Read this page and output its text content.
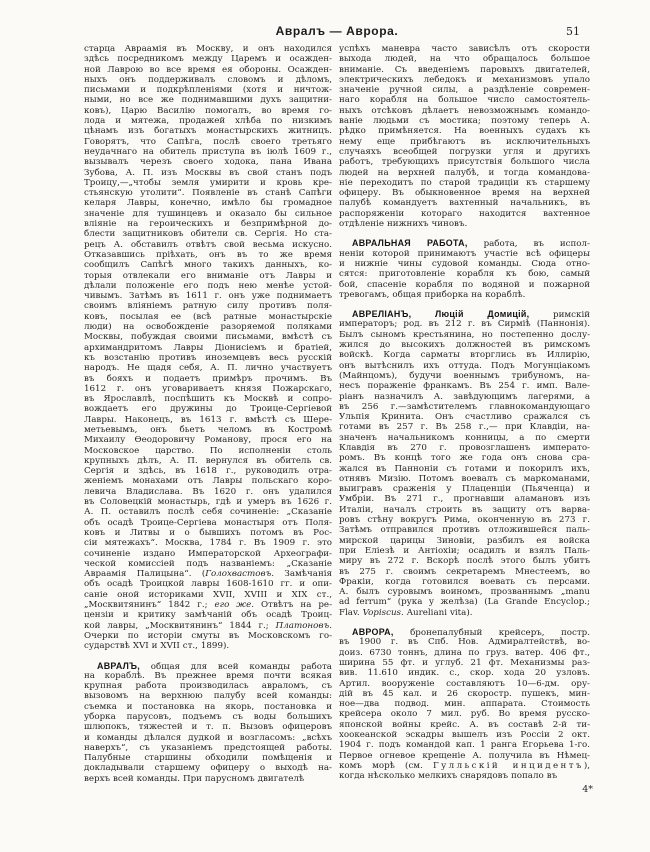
Авралъ — Аврора.	51

старца Авраамія въ Москву, и онъ находился
здѣсь посредникомъ между Царемъ и осажден-
ной Лаврою во все время ея обороны. Осажден-
ныхъ онъ поддерживалъ словомъ и дѣломъ,
письмами и подкрѣпленіями (хотя и ничтож-
ными, но все же поднимавшими духъ защитни-
ковъ), Царю Василію помогалъ, во время го-
лода и мятежа, продажей хлѣба по низкимъ
цѣнамъ изъ богатыхъ монастырскихъ житницъ.
Говорятъ, что Сапѣга, послѣ своего третьяго
неудачнаго на обитель приступа въ іюлѣ 1609 г.,
вызывалъ черезъ своего ходока, пана Ивана
Зубова, А. П. изъ Москвы въ свой станъ подъ
Троицу,—„чтобы земля умирити и кровь кре-
стьянскую утолити“. Появленіе въ станѣ Сапѣги
келаря Лавры, конечно, имѣло бы громадное
значеніе для тушинцевъ и оказало бы сильное
вліяніе на героическихъ и безпримѣрной до-
блести защитниковъ обители св. Сергія. Но ста-
рецъ А. обставилъ отвѣтъ свой весьма искусно.
Отказавшись пріѣхать, онъ въ то же время
сообщилъ Сапѣгѣ много такихъ данныхъ, ко-
торыя отвлекали его вниманіе отъ Лавры и
дѣлали положеніе его подъ нею менѣе устой-
чивымъ. Затѣмъ въ 1611 г. онъ уже поднимаетъ
своимъ вліяніемъ ратную силу противъ поля-
ковъ, посылая ее (всѣ ратные монастырскіе
люди) на освобожденіе разоряемой поляками
Москвы, побуждая своими письмами, вмѣстѣ съ
архимандритомъ Лавры Діонисіемъ и братіей,
къ возстанію противъ иноземцевъ весь русскій
народъ. Не щадя себя, А. П. лично участвуетъ
въ бояхъ и подаетъ примѣръ прочимъ. Въ
1612 г. онъ уговариваетъ князя Пожарскаго,
въ Ярославлѣ, поспѣшить къ Москвѣ и сопро-
вождаетъ его дружины до Троице-Сергіевой
Лавры. Наконецъ, въ 1613 г. вмѣстѣ съ Шере-
метьевымъ, онъ бьетъ челомъ въ Костромѣ
Михаилу Ѳеодоровичу Романову, прося его на
Московское царство. По исполненіи столь
крупныхъ дѣлъ, А. П. вернулся въ обитель св.
Сергія и здѣсь, въ 1618 г., руководилъ отра-
женіемъ монахами отъ Лавры польскаго коро-
левича Владислава. Въ 1620 г. онъ удалился
въ Соловецкій монастырь, гдѣ и умеръ въ 1626 г.
А. П. оставилъ послѣ себя сочиненіе: „Сказаніе
объ осадѣ Троице-Сергіева монастыря отъ Поля-
ковъ и Литвы и о бывшихъ потомъ въ Рос-
сіи мятежахъ“. Москва, 1784 г. Въ 1909 г. это
сочиненіе издано Императорской Археографи-
ческой комиссіей подъ названіемъ: „Сказаніе
Авраамія Палицына“. (Голохвастовъ. Замѣчанія
объ осадѣ Троицкой лавры 1608-1610 гг. и опи-
саніе оной историками XVII, XVIII и XIX ст.,
„Москвитянинъ“ 1842 г.; его же. Отвѣтъ на ре-
цензіи и критику замѣчаній объ осадѣ Троиц-
кой лавры, „Москвитянинъ“ 1844 г.; Платоновъ.
Очерки по исторіи смуты въ Московскомъ го-
сударствѣ XVI и XVII ст., 1899).

АВРАЛЪ, общая для всей команды работа
на кораблѣ. Въ прежнее время почти всякая
крупная работа производилась авраломъ, съ
вызовомъ на верхнюю палубу всей команды:
съемка и постановка на якорь, постановка и
уборка парусовъ, подъемъ съ воды большихъ
шлюпокъ, тяжестей и т. п. Вызовъ офицеровъ
и команды дѣлался дудкой и возгласомъ: „всѣхъ
наверхъ“, съ указаніемъ предстоящей работы.
Палубные старшины обходили помѣщенія и
докладывали старшему офицеру о выходѣ на-
верхъ всей команды. При парусномъ двигателѣ

успѣхъ маневра часто зависѣлъ отъ скорости
выхода людей, на что обращалось большое
вниманіе. Съ введеніемъ паровыхъ двигателей,
электрическихъ лебедокъ и механизмовъ упало
значеніе ручной силы, а раздѣленіе современ-
наго корабля на большое число самостоятель-
ныхъ отсѣковъ дѣлаетъ невозможнымъ командо-
ваніе людьми съ мостика; поэтому теперь А.
рѣдко примѣняется. На военныхъ судахъ къ
нему еще прибѣгаютъ въ исключительныхъ
случаяхъ всеобщей погрузки угля и другихъ
работъ, требующихъ присутствія большого числа
людей на верхней палубѣ, и тогда командова-
ніе переходитъ по старой традиціи къ старшему
офицеру. Въ обыкновенное время на верхней
палубѣ командуетъ вахтенный начальникъ, въ
распоряженіи котораго находится вахтенное
отдѣленіе нижнихъ чиновъ.

АВРАЛЬНАЯ РАБОТА, работа, въ испол-
неніи которой принимаютъ участіе всѣ офицеры
и нижніе чины судовой команды. Сюда отно-
сятся: приготовленіе корабля къ бою, самый
бой, спасеніе корабля по водяной и пожарной
тревогамъ, общая приборка на кораблѣ.

АВРЕЛІАНЪ, Люцій Домицій, римскій
императоръ; род. въ 212 г. въ Сирміѣ (Паннонія).
Былъ сыномъ крестьянина, но постепенно дослу-
жился до высокихъ должностей въ римскомъ
войскѣ. Когда сарматы вторглись въ Иллирію,
онъ вытѣснилъ ихъ оттуда. Подъ Могунціакомъ
(Майнцомъ), будучи военнымъ трибуномъ, на-
несъ пораженіе франкамъ. Въ 254 г. имп. Вале-
ріанъ назначилъ А. завѣдующимъ лагерями, а
въ 256 г.—замѣстителемъ главнокомандующаго
Ульпія Кринита. Онъ счастливо сражался съ
готами въ 257 г. Въ 258 г.,— при Клавдіи, на-
значенъ начальникомъ конницы, а по смерти
Клавдія въ 270 г. провозглашенъ императо-
ромъ. Въ концѣ того же года онъ снова сра-
жался въ Панноніи съ готами и покорилъ ихъ,
отнявъ Мизію. Потомъ воевалъ съ маркоманами,
выигравъ сраженія у Плаценціи (Пьяченца) и
Умбріи. Въ 271 г., прогнавши аламановъ изъ
Италіи, началъ строить въ защиту отъ варва-
ровъ стѣну вокругъ Рима, оконченную въ 273 г.
Затѣмъ отправился противъ отложившейся паль-
мирской царицы Зиновіи, разбилъ ея войска
при Еліезѣ и Антіохіи; осадилъ и взялъ Паль-
миру въ 272 г. Вскорѣ послѣ этого былъ убитъ
въ 275 г. своимъ секретаремъ Мнестеемъ, во
Фракіи, когда готовился воевать съ персами.
А. былъ суровымъ воиномъ, прозваннымъ „manu
ad ferrum“ (рука у желѣза) (La Grande Encyclop.;
Flav. Vopiscus. Aureliani vita).

АВРОРА, бронепалубный крейсеръ, постр.
въ 1900 г. въ Спб. Нов. Адмиралтействѣ, во-
доиз. 6730 тоннъ, длина по груз. ватер. 406 фт.,
ширина 55 фт. и углуб. 21 фт. Механизмы раз-
вив. 11.610 индик. с., скор. хода 20 узловъ.
Артил. вооруженіе составляютъ 10—6-дм. ору-
дій въ 45 кал. и 26 скоростр. пушекъ, мин-
ное—два подвод. мин. аппарата. Стоимость
крейсера около 7 мил. руб. Во время русско-
японской войны крейс. А. въ составѣ 2-й ти-
хоокеанской эскадры вышелъ изъ Россіи 2 окт.
1904 г. подъ командой кап. 1 ранга Егорьева 1-го.
Первое огневое крещеніе А. получила въ Нѣмец-
комъ морѣ (см. Гулльскій инцидентъ),
когда нѣсколько мелкихъ снарядовъ попало въ

4*
